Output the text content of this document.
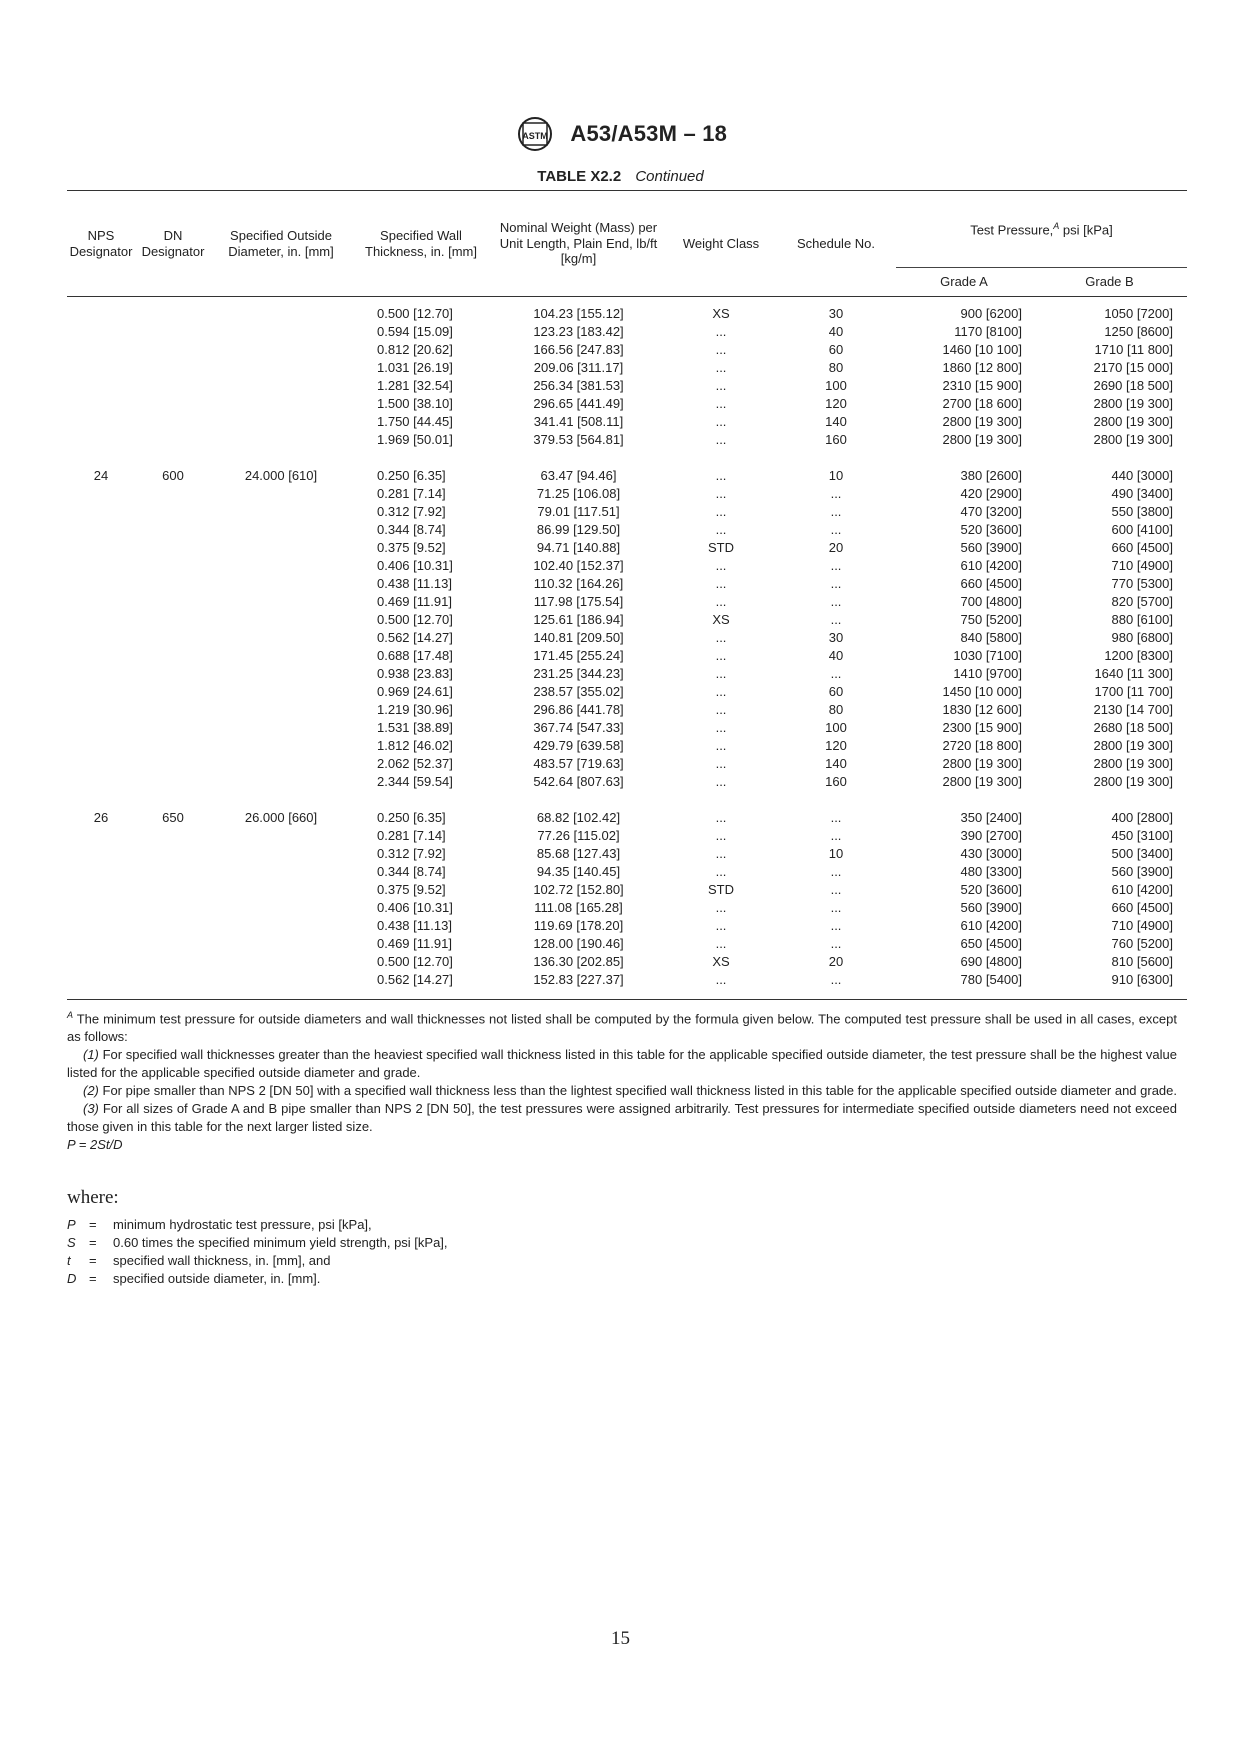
ASTM A53/A53M – 18
TABLE X2.2 Continued
NPS Designator	DN Designator	Specified Outside Diameter, in. [mm]	Specified Wall Thickness, in. [mm]	Nominal Weight (Mass) per Unit Length, Plain End, lb/ft [kg/m]	Weight Class	Schedule No.	Test Pressure,$^A$ psi [kPa]	
							Grade A	Grade B
			0.500 [12.70]	104.23 [155.12]	XS	30	900 [6200]	1050 [7200]
			0.594 [15.09]	123.23 [183.42]	...	40	1170 [8100]	1250 [8600]
			0.812 [20.62]	166.56 [247.83]	...	60	1460 [10 100]	1710 [11 800]
			1.031 [26.19]	209.06 [311.17]	...	80	1860 [12 800]	2170 [15 000]
			1.281 [32.54]	256.34 [381.53]	...	100	2310 [15 900]	2690 [18 500]
			1.500 [38.10]	296.65 [441.49]	...	120	2700 [18 600]	2800 [19 300]
			1.750 [44.45]	341.41 [508.11]	...	140	2800 [19 300]	2800 [19 300]
			1.969 [50.01]	379.53 [564.81]	...	160	2800 [19 300]	2800 [19 300]

24	600	24.000 [610]	0.250 [6.35]	63.47 [94.46]	...	10	380 [2600]	440 [3000]
			0.281 [7.14]	71.25 [106.08]	...	...	420 [2900]	490 [3400]
			0.312 [7.92]	79.01 [117.51]	...	...	470 [3200]	550 [3800]
			0.344 [8.74]	86.99 [129.50]	...	...	520 [3600]	600 [4100]
			0.375 [9.52]	94.71 [140.88]	STD	20	560 [3900]	660 [4500]
			0.406 [10.31]	102.40 [152.37]	...	...	610 [4200]	710 [4900]
			0.438 [11.13]	110.32 [164.26]	...	...	660 [4500]	770 [5300]
			0.469 [11.91]	117.98 [175.54]	...	...	700 [4800]	820 [5700]
			0.500 [12.70]	125.61 [186.94]	XS	...	750 [5200]	880 [6100]
			0.562 [14.27]	140.81 [209.50]	...	30	840 [5800]	980 [6800]
			0.688 [17.48]	171.45 [255.24]	...	40	1030 [7100]	1200 [8300]
			0.938 [23.83]	231.25 [344.23]	...	...	1410 [9700]	1640 [11 300]
			0.969 [24.61]	238.57 [355.02]	...	60	1450 [10 000]	1700 [11 700]
			1.219 [30.96]	296.86 [441.78]	...	80	1830 [12 600]	2130 [14 700]
			1.531 [38.89]	367.74 [547.33]	...	100	2300 [15 900]	2680 [18 500]
			1.812 [46.02]	429.79 [639.58]	...	120	2720 [18 800]	2800 [19 300]
			2.062 [52.37]	483.57 [719.63]	...	140	2800 [19 300]	2800 [19 300]
			2.344 [59.54]	542.64 [807.63]	...	160	2800 [19 300]	2800 [19 300]

26	650	26.000 [660]	0.250 [6.35]	68.82 [102.42]	...	...	350 [2400]	400 [2800]
			0.281 [7.14]	77.26 [115.02]	...	...	390 [2700]	450 [3100]
			0.312 [7.92]	85.68 [127.43]	...	10	430 [3000]	500 [3400]
			0.344 [8.74]	94.35 [140.45]	...	...	480 [3300]	560 [3900]
			0.375 [9.52]	102.72 [152.80]	STD	...	520 [3600]	610 [4200]
			0.406 [10.31]	111.08 [165.28]	...	...	560 [3900]	660 [4500]
			0.438 [11.13]	119.69 [178.20]	...	...	610 [4200]	710 [4900]
			0.469 [11.91]	128.00 [190.46]	...	...	650 [4500]	760 [5200]
			0.500 [12.70]	136.30 [202.85]	XS	20	690 [4800]	810 [5600]
			0.562 [14.27]	152.83 [227.37]	...	...	780 [5400]	910 [6300]

$^A$ The minimum test pressure for outside diameters and wall thicknesses not listed shall be computed by the formula given below. The computed test pressure shall be used in all cases, except as follows:

(1) For specified wall thicknesses greater than the heaviest specified wall thickness listed in this table for the applicable specified outside diameter, the test pressure shall be the highest value listed for the applicable specified outside diameter and grade.

(2) For pipe smaller than NPS 2 [DN 50] with a specified wall thickness less than the lightest specified wall thickness listed in this table for the applicable specified outside diameter and grade.

(3) For all sizes of Grade A and B pipe smaller than NPS 2 [DN 50], the test pressures were assigned arbitrarily. Test pressures for intermediate specified outside diameters need not exceed those given in this table for the next larger listed size.

P = 2St/D

where:
P	=	minimum hydrostatic test pressure, psi [kPa],
S	=	0.60 times the specified minimum yield strength, psi [kPa],
t	=	specified wall thickness, in. [mm], and
D =	specified outside diameter, in. [mm].
15
